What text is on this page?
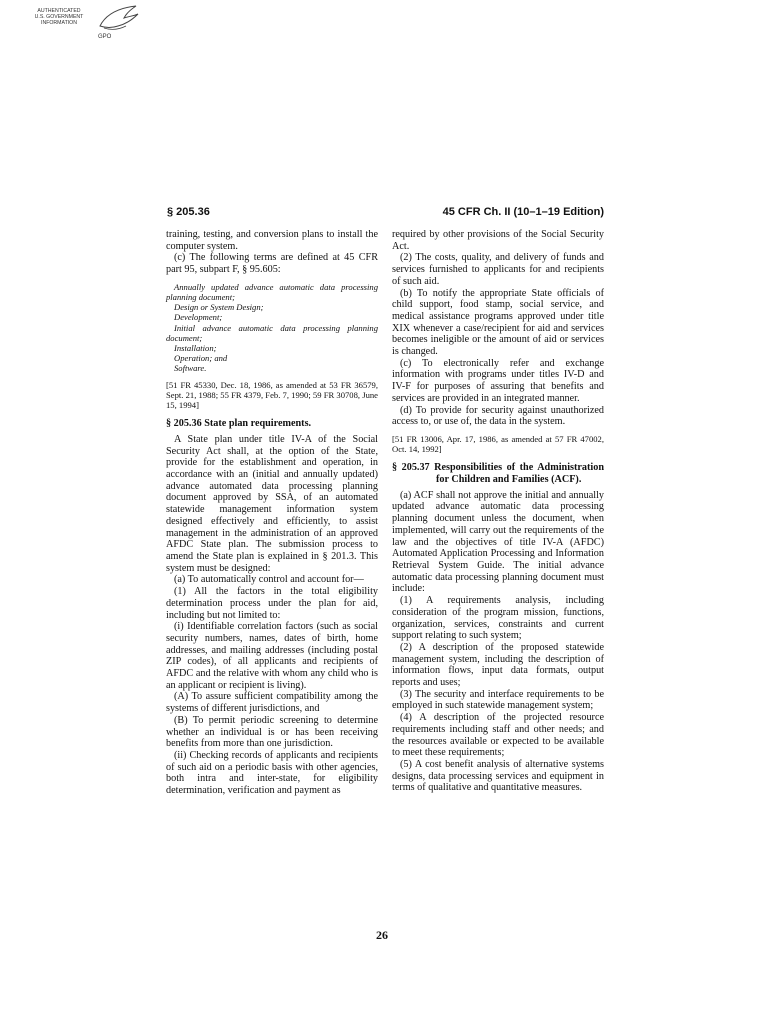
AUTHENTICATED
U.S. GOVERNMENT
INFORMATION
GPO
§ 205.36	45 CFR Ch. II (10–1–19 Edition)

training, testing, and conversion plans to install the computer system.

(c) The following terms are defined at 45 CFR part 95, subpart F, § 95.605:

Annually updated advance automatic data processing planning document;
Design or System Design;
Development;
Initial advance automatic data processing planning document;
Installation;
Operation; and
Software.
[51 FR 45330, Dec. 18, 1986, as amended at 53 FR 36579, Sept. 21, 1988; 55 FR 4379, Feb. 7, 1990; 59 FR 30708, June 15, 1994]
§ 205.36 State plan requirements.

A State plan under title IV-A of the Social Security Act shall, at the option of the State, provide for the establishment and operation, in accordance with an (initial and annually updated) advance automated data processing planning document approved by SSA, of an automated statewide management information system designed effectively and efficiently, to assist management in the administration of an approved AFDC State plan. The submission process to amend the State plan is explained in § 201.3. This system must be designed:

(a) To automatically control and account for—

(1) All the factors in the total eligibility determination process under the plan for aid, including but not limited to:

(i) Identifiable correlation factors (such as social security numbers, names, dates of birth, home addresses, and mailing addresses (including postal ZIP codes), of all applicants and recipients of AFDC and the relative with whom any child who is an applicant or recipient is living).

(A) To assure sufficient compatibility among the systems of different jurisdictions, and

(B) To permit periodic screening to determine whether an individual is or has been receiving benefits from more than one jurisdiction.

(ii) Checking records of applicants and recipients of such aid on a periodic basis with other agencies, both intra and inter-state, for eligibility determination, verification and payment as

required by other provisions of the Social Security Act.

(2) The costs, quality, and delivery of funds and services furnished to applicants for and recipients of such aid.

(b) To notify the appropriate State officials of child support, food stamp, social service, and medical assistance programs approved under title XIX whenever a case/recipient for aid and services becomes ineligible or the amount of aid or services is changed.

(c) To electronically refer and exchange information with programs under titles IV-D and IV-F for purposes of assuring that benefits and services are provided in an integrated manner.

(d) To provide for security against unauthorized access to, or use of, the data in the system.

[51 FR 13006, Apr. 17, 1986, as amended at 57 FR 47002, Oct. 14, 1992]
§ 205.37 Responsibilities of the Administration for Children and Families (ACF).

(a) ACF shall not approve the initial and annually updated advance automatic data processing planning document unless the document, when implemented, will carry out the requirements of the law and the objectives of title IV-A (AFDC) Automated Application Processing and Information Retrieval System Guide. The initial advance automatic data processing planning document must include:

(1) A requirements analysis, including consideration of the program mission, functions, organization, services, constraints and current support relating to such system;

(2) A description of the proposed statewide management system, including the description of information flows, input data formats, output reports and uses;

(3) The security and interface requirements to be employed in such statewide management system;

(4) A description of the projected resource requirements including staff and other needs; and the resources available or expected to be available to meet these requirements;

(5) A cost benefit analysis of alternative systems designs, data processing services and equipment in terms of qualitative and quantitative measures.

26
